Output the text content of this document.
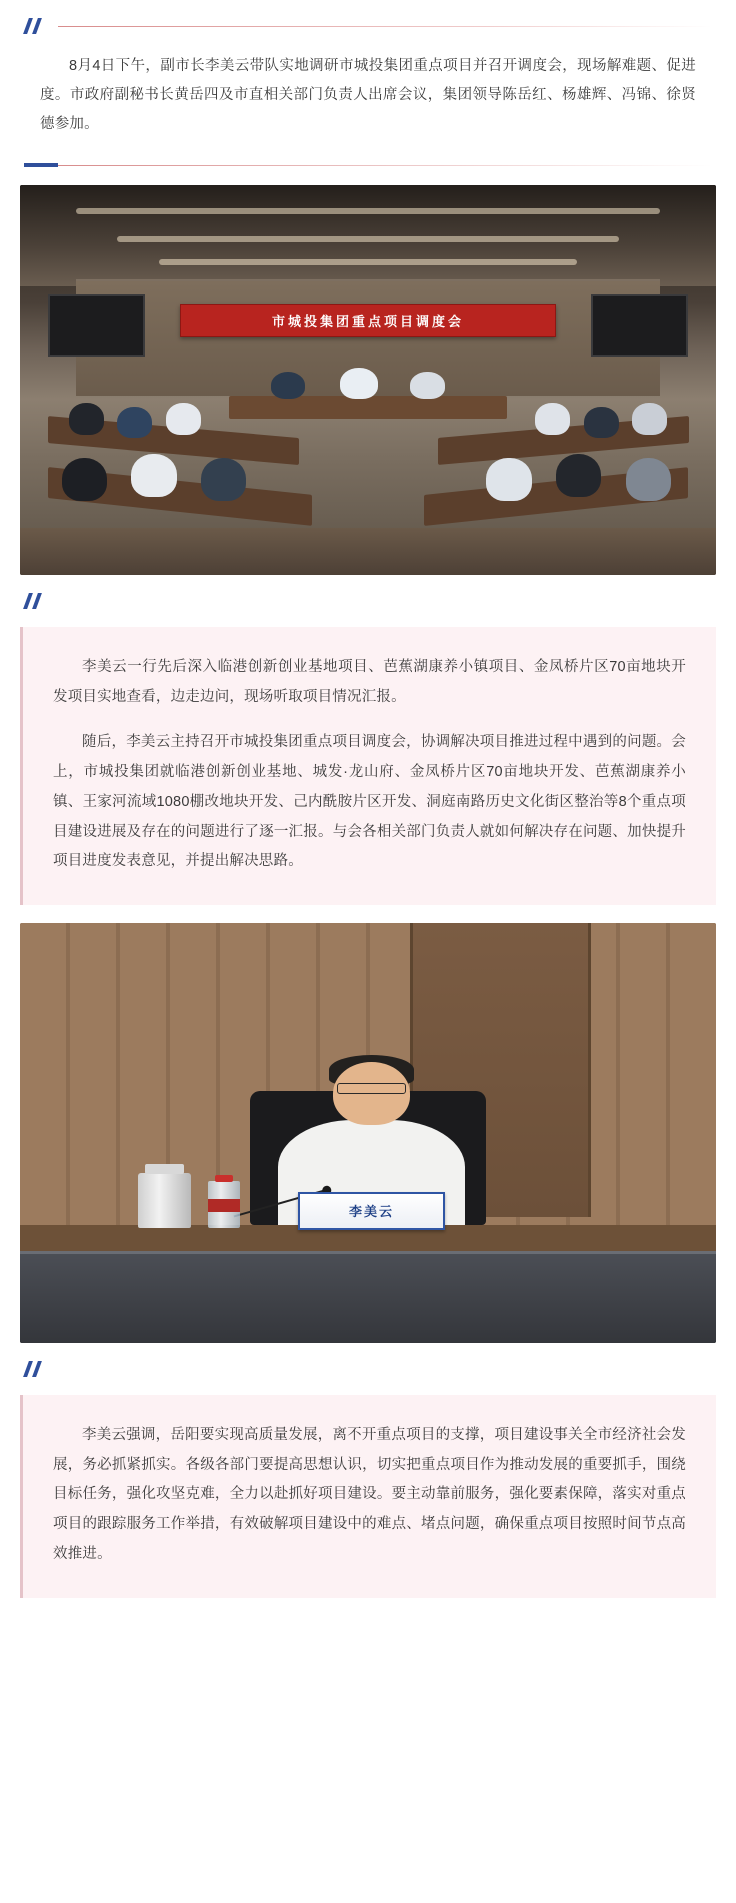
8月4日下午，副市长李美云带队实地调研市城投集团重点项目并召开调度会，现场解难题、促进度。市政府副秘书长黄岳四及市直相关部门负责人出席会议，集团领导陈岳红、杨雄辉、冯锦、徐贤德参加。

市城投集团重点项目调度会

李美云一行先后深入临港创新创业基地项目、芭蕉湖康养小镇项目、金凤桥片区70亩地块开发项目实地查看，边走边问，现场听取项目情况汇报。

随后，李美云主持召开市城投集团重点项目调度会，协调解决项目推进过程中遇到的问题。会上，市城投集团就临港创新创业基地、城发·龙山府、金凤桥片区70亩地块开发、芭蕉湖康养小镇、王家河流域1080棚改地块开发、己内酰胺片区开发、洞庭南路历史文化街区整治等8个重点项目建设进展及存在的问题进行了逐一汇报。与会各相关部门负责人就如何解决存在问题、加快提升项目进度发表意见，并提出解决思路。

李美云

李美云强调，岳阳要实现高质量发展，离不开重点项目的支撑，项目建设事关全市经济社会发展，务必抓紧抓实。各级各部门要提高思想认识，切实把重点项目作为推动发展的重要抓手，围绕目标任务，强化攻坚克难，全力以赴抓好项目建设。要主动靠前服务，强化要素保障，落实对重点项目的跟踪服务工作举措，有效破解项目建设中的难点、堵点问题，确保重点项目按照时间节点高效推进。
